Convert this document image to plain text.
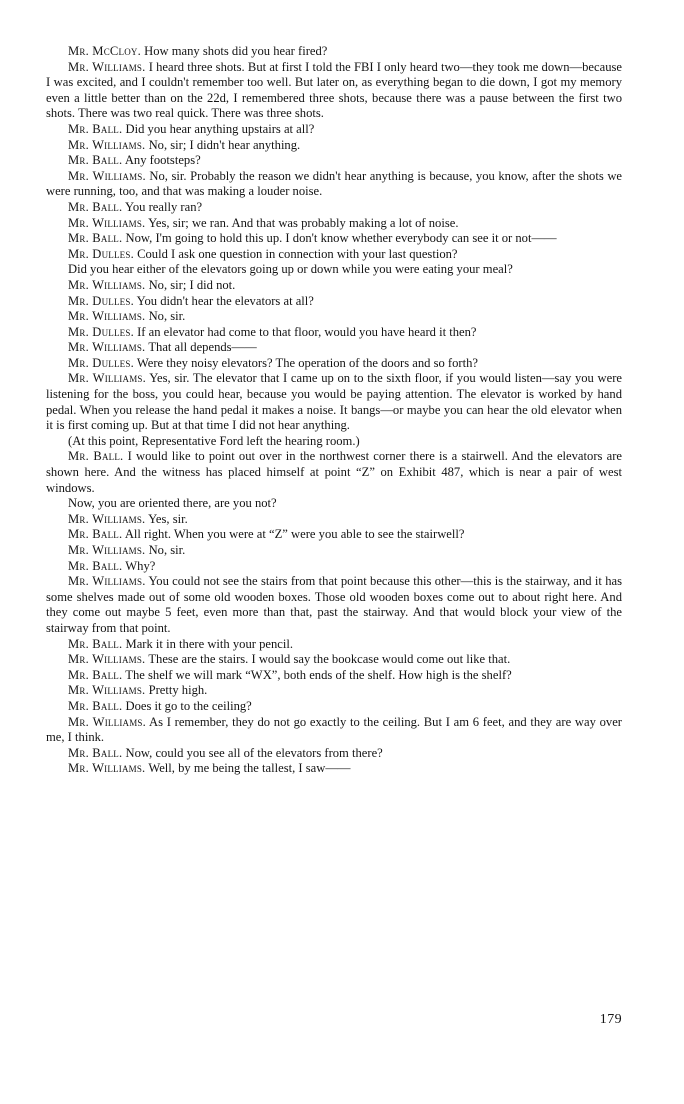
Mr. McCloy. How many shots did you hear fired?

Mr. Williams. I heard three shots. But at first I told the FBI I only heard two—they took me down—because I was excited, and I couldn't remember too well. But later on, as everything began to die down, I got my memory even a little better than on the 22d, I remembered three shots, because there was a pause between the first two shots. There was two real quick. There was three shots.

Mr. Ball. Did you hear anything upstairs at all?

Mr. Williams. No, sir; I didn't hear anything.

Mr. Ball. Any footsteps?

Mr. Williams. No, sir. Probably the reason we didn't hear anything is because, you know, after the shots we were running, too, and that was making a louder noise.

Mr. Ball. You really ran?

Mr. Williams. Yes, sir; we ran. And that was probably making a lot of noise.

Mr. Ball. Now, I'm going to hold this up. I don't know whether everybody can see it or not——

Mr. Dulles. Could I ask one question in connection with your last question?

Did you hear either of the elevators going up or down while you were eating your meal?

Mr. Williams. No, sir; I did not.

Mr. Dulles. You didn't hear the elevators at all?

Mr. Williams. No, sir.

Mr. Dulles. If an elevator had come to that floor, would you have heard it then?

Mr. Williams. That all depends——

Mr. Dulles. Were they noisy elevators? The operation of the doors and so forth?

Mr. Williams. Yes, sir. The elevator that I came up on to the sixth floor, if you would listen—say you were listening for the boss, you could hear, because you would be paying attention. The elevator is worked by hand pedal. When you release the hand pedal it makes a noise. It bangs—or maybe you can hear the old elevator when it is first coming up. But at that time I did not hear anything.

(At this point, Representative Ford left the hearing room.)

Mr. Ball. I would like to point out over in the northwest corner there is a stairwell. And the elevators are shown here. And the witness has placed himself at point “Z” on Exhibit 487, which is near a pair of west windows.

Now, you are oriented there, are you not?

Mr. Williams. Yes, sir.

Mr. Ball. All right. When you were at “Z” were you able to see the stairwell?

Mr. Williams. No, sir.

Mr. Ball. Why?

Mr. Williams. You could not see the stairs from that point because this other—this is the stairway, and it has some shelves made out of some old wooden boxes. Those old wooden boxes come out to about right here. And they come out maybe 5 feet, even more than that, past the stairway. And that would block your view of the stairway from that point.

Mr. Ball. Mark it in there with your pencil.

Mr. Williams. These are the stairs. I would say the bookcase would come out like that.

Mr. Ball. The shelf we will mark “WX”, both ends of the shelf. How high is the shelf?

Mr. Williams. Pretty high.

Mr. Ball. Does it go to the ceiling?

Mr. Williams. As I remember, they do not go exactly to the ceiling. But I am 6 feet, and they are way over me, I think.

Mr. Ball. Now, could you see all of the elevators from there?

Mr. Williams. Well, by me being the tallest, I saw——

179
